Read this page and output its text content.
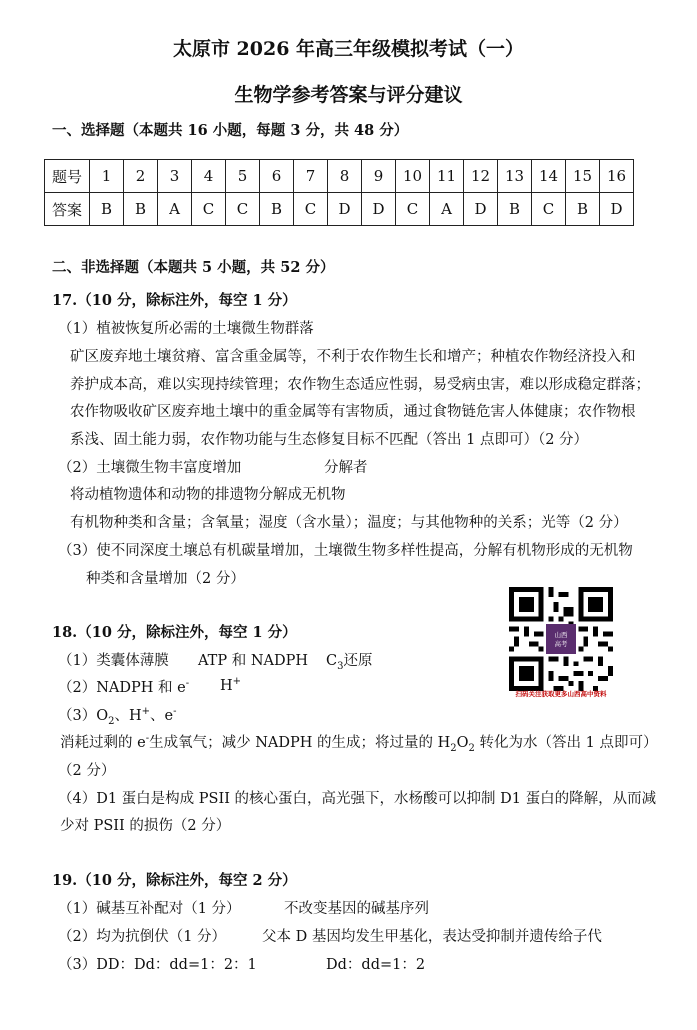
太原市 2026 年高三年级模拟考试（一）
生物学参考答案与评分建议
一、选择题（本题共 16 小题，每题 3 分，共 48 分）
题号	1	2	3	4	5	6	7	8	9	10	11	12	13	14	15	16
答案	B	B	A	C	C	B	C	D	D	C	A	D	B	C	B	D
二、非选择题（本题共 5 小题，共 52 分）
17.（10 分，除标注外，每空 1 分）
（1）植被恢复所必需的土壤微生物群落
矿区废弃地土壤贫瘠、富含重金属等，不利于农作物生长和增产；种植农作物经济投入和
养护成本高，难以实现持续管理；农作物生态适应性弱，易受病虫害，难以形成稳定群落；
农作物吸收矿区废弃地土壤中的重金属等有害物质，通过食物链危害人体健康；农作物根
系浅、固土能力弱，农作物功能与生态修复目标不匹配（答出 1 点即可）（2 分）
（2）土壤微生物丰富度增加	分解者
将动植物遗体和动物的排遗物分解成无机物
有机物种类和含量；含氧量；湿度（含水量）；温度；与其他物种的关系；光等（2 分）
（3）使不同深度土壤总有机碳量增加，土壤微生物多样性提高，分解有机物形成的无机物
种类和含量增加（2 分）
山西
高考
扫码关注获取更多山西高中资料
18.（10 分，除标注外，每空 1 分）
（1）类囊体薄膜 ATP 和 NADPH $C_3$还原
（2）NADPH 和 e- H+
$(3)O_2$、H+、e-
消耗过剩的 e-生成氧气；减少 NADPH 的生成；将过量的 $H_2O_2$ 转化为水（答出 1 点即可）
（2 分）
（4）D1 蛋白是构成 PSII 的核心蛋白，高光强下，水杨酸可以抑制 D1 蛋白的降解，从而减
少对 PSII 的损伤（2 分）
19.（10 分，除标注外，每空 2 分）
（1）碱基互补配对（1 分）	不改变基因的碱基序列
（2）均为抗倒伏（1 分） 父本 D 基因均发生甲基化，表达受抑制并遗传给子代
（3）DD：Dd：dd=1：2：1	Dd：dd=1：2
